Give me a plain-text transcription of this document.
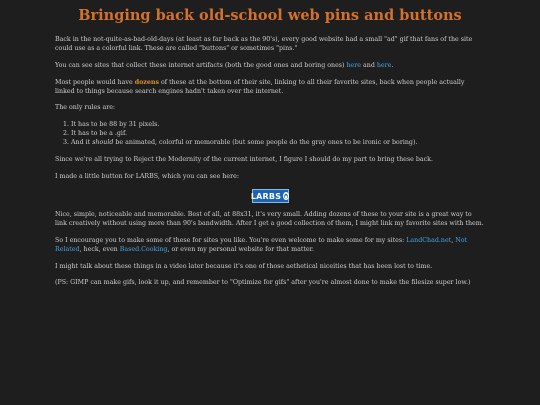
Bringing back old-school web pins and buttons

Back in the not-quite-as-bad-old-days (at least as far back as the 90's), every good website had a small "ad" gif that fans of the site could use as a colorful link. These are called "buttons" or sometimes "pins."

You can see sites that collect these internet artifacts (both the good ones and boring ones) here and here.

Most people would have dozens of these at the bottom of their site, linking to all their favorite sites, back when people actually linked to things because search engines hadn't taken over the internet.

The only rules are:

1. It has to be 88 by 31 pixels.
2. It has to be a .gif.
3. And it should be animated, colorful or memorable (but some people do the gray ones to be ironic or boring).

Since we're all trying to Reject the Modernity of the current internet, I figure I should do my part to bring these back.

I made a little button for LARBS, which you can see here:

LARBS

Nice, simple, noticeable and memorable. Best of all, at 88x31, it's very small. Adding dozens of these to your site is a great way to link creatively without using more than 90's bandwidth. After I get a good collection of them, I might link my favorite sites with them.

So I encourage you to make some of these for sites you like. You're even welcome to make some for my sites: LandChad.net, Not Related, heck, even Based.Cooking, or even my personal website for that matter.

I might talk about these things in a video later because it's one of those aethetical niceities that has been lost to time.

(PS: GIMP can make gifs, look it up, and remember to "Optimize for gifs" after you're almost done to make the filesize super low.)
